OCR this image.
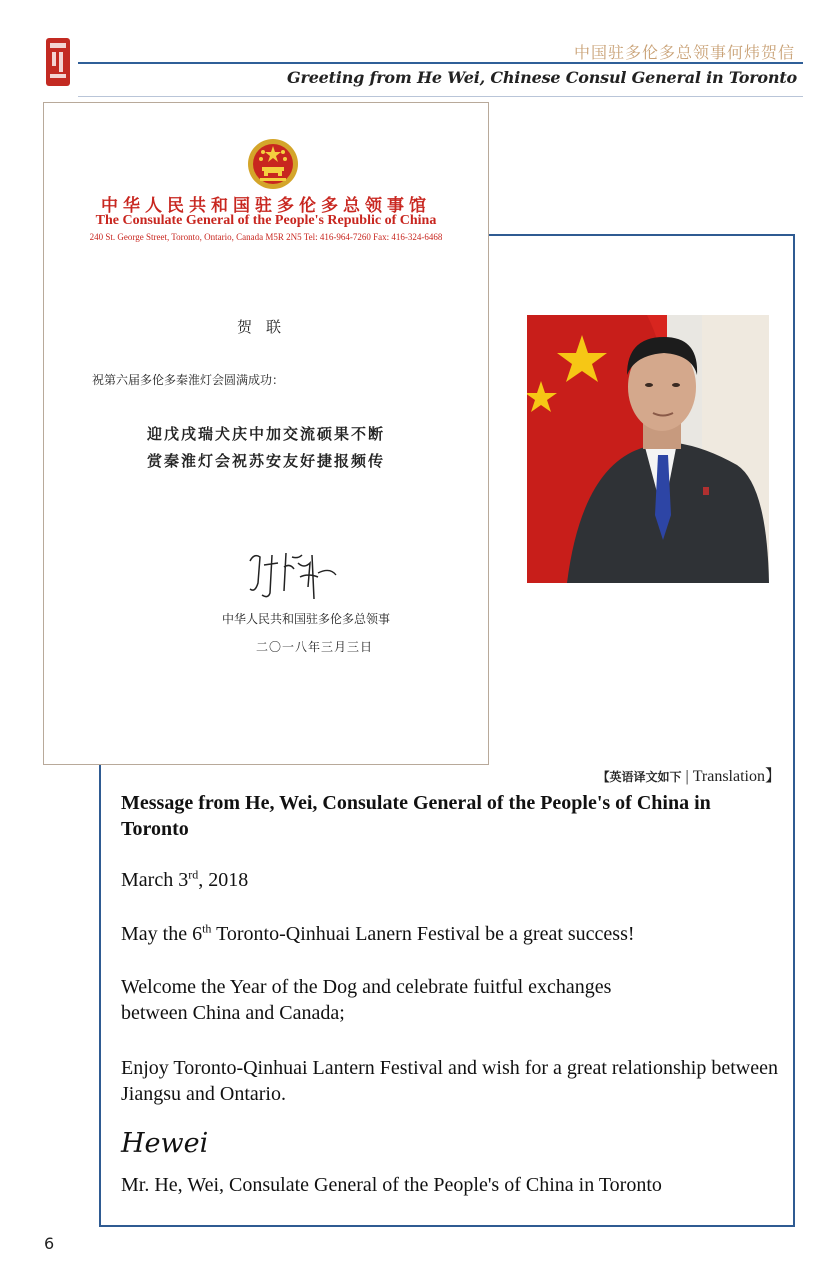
中国驻多伦多总领事何炜贺信
Greeting from He Wei, Chinese Consul General in Toronto
中华人民共和国驻多伦多总领事馆
The Consulate General of the People's Republic of China
240 St. George Street, Toronto, Ontario, Canada M5R 2N5 Tel: 416-964-7260 Fax: 416-324-6468
贺联
祝第六届多伦多秦淮灯会圆满成功：
迎戊戌瑞犬庆中加交流硕果不断
赏秦淮灯会祝苏安友好捷报频传
中华人民共和国驻多伦多总领事
二〇一八年三月三日
【英语译文如下 | Translation】
Message from He, Wei, Consulate General of the People's of China in Toronto
March 3rd, 2018
May the 6th Toronto-Qinhuai Lanern Festival be a great success!
Welcome the Year of the Dog and celebrate fuitful exchanges
between China and Canada;
Enjoy Toronto-Qinhuai Lantern Festival and wish for a great relationship between Jiangsu and Ontario.
Hewei
Mr. He, Wei, Consulate General of the People's of China in Toronto
6
